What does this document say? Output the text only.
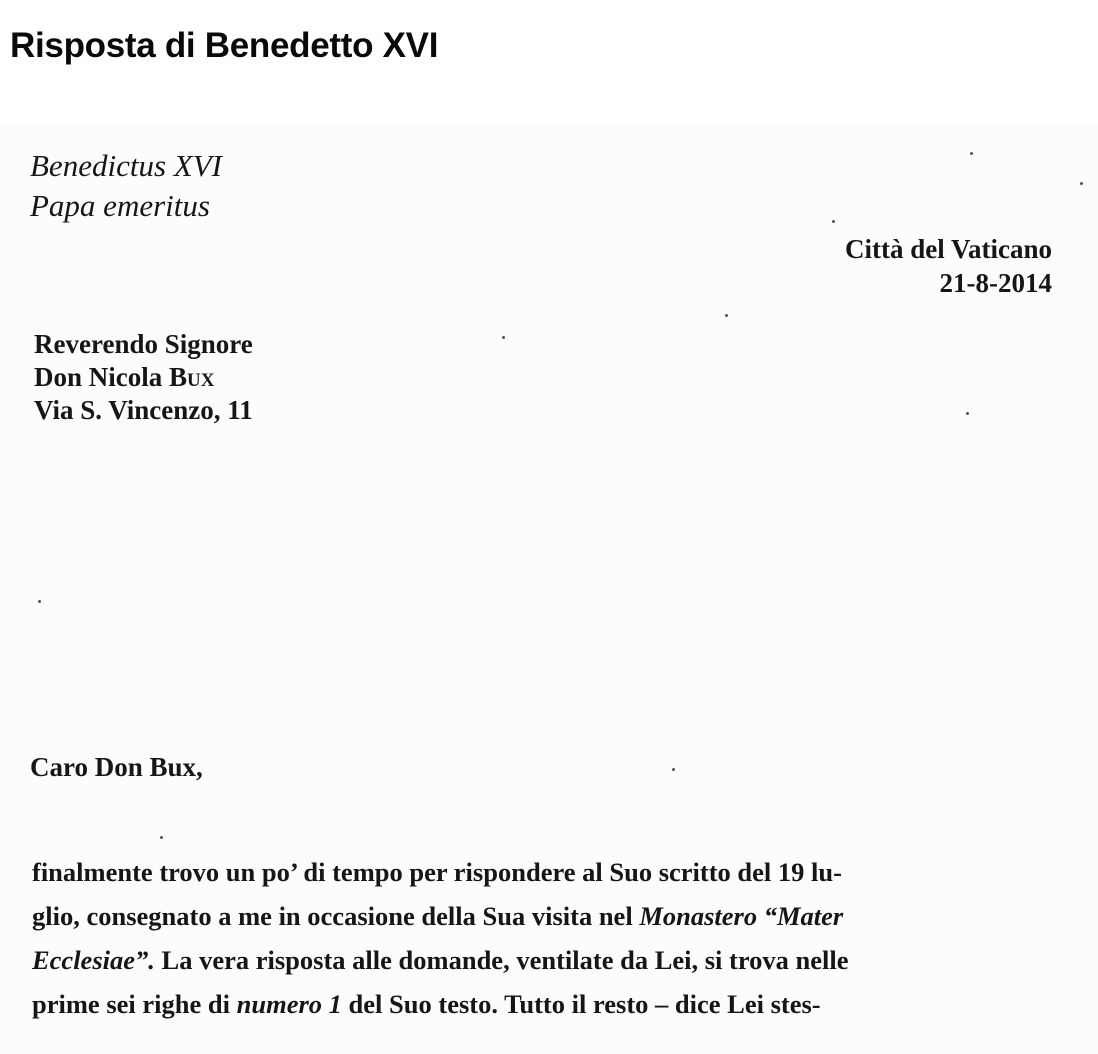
Risposta di Benedetto XVI
Benedictus XVI
Papa emeritus
Città del Vaticano
21-8-2014
Reverendo Signore
Don Nicola Bux
Via S. Vincenzo, 11
Caro Don Bux,
finalmente trovo un po’ di tempo per rispondere al Suo scritto del 19 lu-
glio, consegnato a me in occasione della Sua visita nel Monastero “Mater
Ecclesiae”. La vera risposta alle domande, ventilate da Lei, si trova nelle
prime sei righe di numero 1 del Suo testo. Tutto il resto – dice Lei stes-
